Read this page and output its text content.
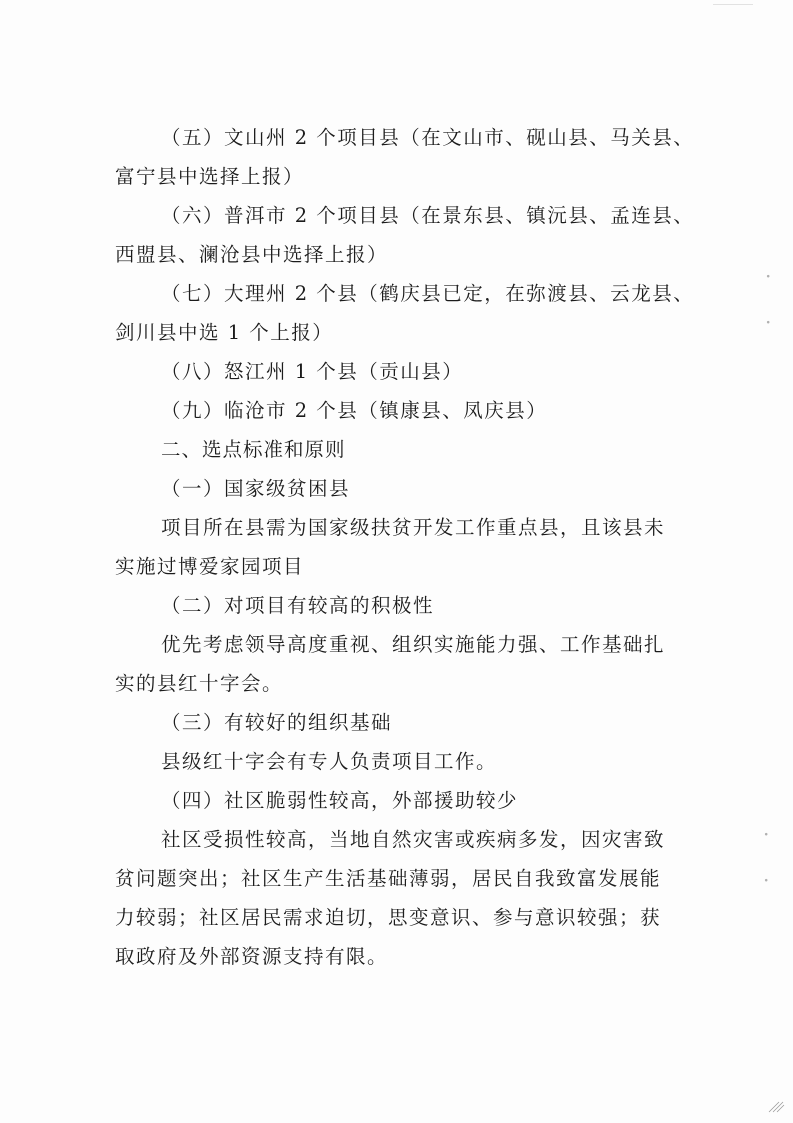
（五）文山州 2 个项目县（在文山市、砚山县、马关县、
富宁县中选择上报）
（六）普洱市 2 个项目县（在景东县、镇沅县、孟连县、
西盟县、澜沧县中选择上报）
（七）大理州 2 个县（鹤庆县已定，在弥渡县、云龙县、
剑川县中选 1 个上报）
（八）怒江州 1 个县（贡山县）
（九）临沧市 2 个县（镇康县、凤庆县）
二、选点标准和原则
（一）国家级贫困县
项目所在县需为国家级扶贫开发工作重点县，且该县未
实施过博爱家园项目
（二）对项目有较高的积极性
优先考虑领导高度重视、组织实施能力强、工作基础扎
实的县红十字会。
（三）有较好的组织基础
县级红十字会有专人负责项目工作。
（四）社区脆弱性较高，外部援助较少
社区受损性较高，当地自然灾害或疾病多发，因灾害致
贫问题突出；社区生产生活基础薄弱，居民自我致富发展能
力较弱；社区居民需求迫切，思变意识、参与意识较强；获
取政府及外部资源支持有限。
∙
∙
∙
∙
